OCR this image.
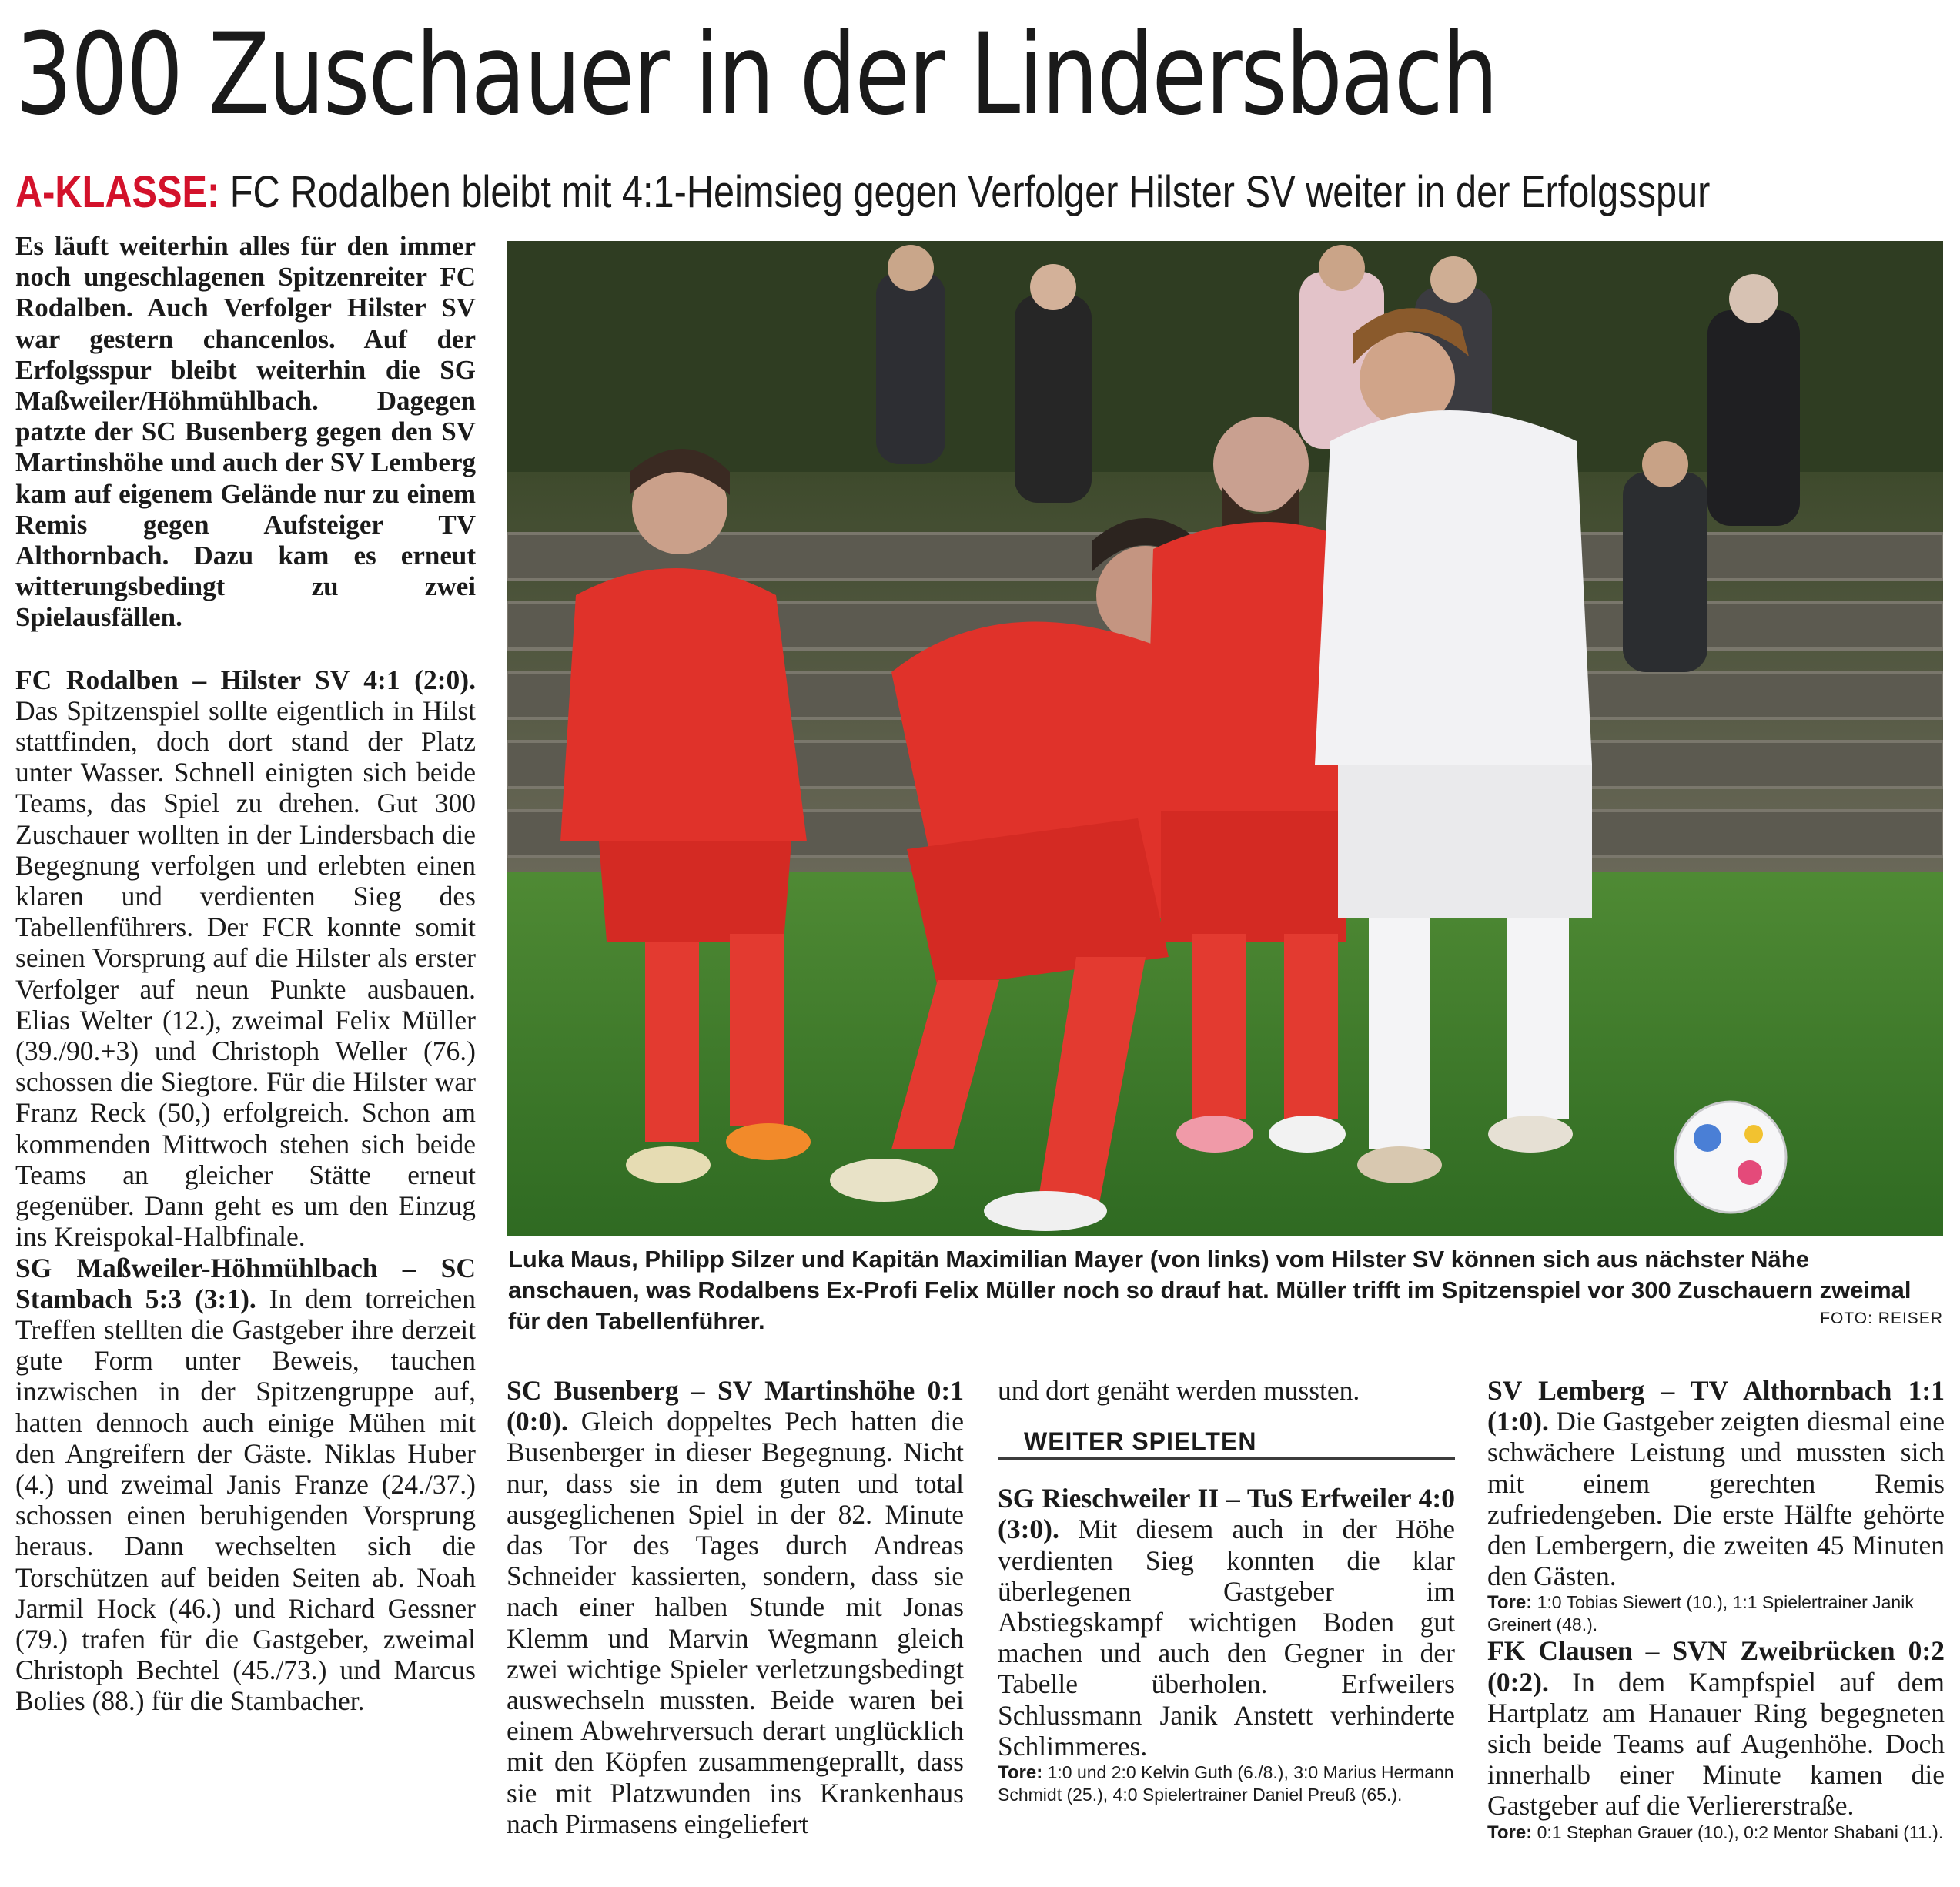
300 Zuschauer in der Lindersbach
A-KLASSE: FC Rodalben bleibt mit 4:1-Heimsieg gegen Verfolger Hilster SV weiter in der Erfolgsspur

Es läuft weiterhin alles für den immer noch ungeschlagenen Spitzenreiter FC Rodalben. Auch Verfolger Hilster SV war gestern chancenlos. Auf der Erfolgsspur bleibt weiterhin die SG Maßweiler/Höhmühlbach. Dagegen patzte der SC Busenberg gegen den SV Martinshöhe und auch der SV Lemberg kam auf eigenem Gelände nur zu einem Remis gegen Aufsteiger TV Althornbach. Dazu kam es erneut witterungsbedingt zu zwei Spielausfällen.

FC Rodalben – Hilster SV 4:1 (2:0). Das Spitzenspiel sollte eigentlich in Hilst stattfinden, doch dort stand der Platz unter Wasser. Schnell einigten sich beide Teams, das Spiel zu drehen. Gut 300 Zuschauer wollten in der Lindersbach die Begegnung verfolgen und erlebten einen klaren und verdienten Sieg des Tabellenführers. Der FCR konnte somit seinen Vorsprung auf die Hilster als erster Verfolger auf neun Punkte ausbauen. Elias Welter (12.), zweimal Felix Müller (39./90.+3) und Christoph Weller (76.) schossen die Siegtore. Für die Hilster war Franz Reck (50,) erfolgreich. Schon am kommenden Mittwoch stehen sich beide Teams an gleicher Stätte erneut gegenüber. Dann geht es um den Einzug ins Kreispokal-Halbfinale.

SG Maßweiler-Höhmühlbach – SC Stambach 5:3 (3:1). In dem torreichen Treffen stellten die Gastgeber ihre derzeit gute Form unter Beweis, tauchen inzwischen in der Spitzengruppe auf, hatten dennoch auch einige Mühen mit den Angreifern der Gäste. Niklas Huber (4.) und zweimal Janis Franze (24./37.) schossen einen beruhigenden Vorsprung heraus. Dann wechselten sich die Torschützen auf beiden Seiten ab. Noah Jarmil Hock (46.) und Richard Gessner (79.) trafen für die Gastgeber, zweimal Christoph Bechtel (45./73.) und Marcus Bolies (88.) für die Stambacher.

Luka Maus, Philipp Silzer und Kapitän Maximilian Mayer (von links) vom Hilster SV können sich aus nächster Nähe anschauen, was Rodalbens Ex-Profi Felix Müller noch so drauf hat. Müller trifft im Spitzenspiel vor 300 Zuschauern zweimal für den Tabellenführer.	FOTO: REISER

SC Busenberg – SV Martinshöhe 0:1 (0:0). Gleich doppeltes Pech hatten die Busenberger in dieser Begegnung. Nicht nur, dass sie in dem guten und total ausgeglichenen Spiel in der 82. Minute das Tor des Tages durch Andreas Schneider kassierten, sondern, dass sie nach einer halben Stunde mit Jonas Klemm und Marvin Wegmann gleich zwei wichtige Spieler verletzungsbedingt auswechseln mussten. Beide waren bei einem Abwehrversuch derart unglücklich mit den Köpfen zusammengeprallt, dass sie mit Platzwunden ins Krankenhaus nach Pirmasens eingeliefert

und dort genäht werden mussten.

WEITER SPIELTEN

SG Rieschweiler II – TuS Erfweiler 4:0 (3:0). Mit diesem auch in der Höhe verdienten Sieg konnten die klar überlegenen Gastgeber im Abstiegskampf wichtigen Boden gut machen und auch den Gegner in der Tabelle überholen. Erfweilers Schlussmann Janik Anstett verhinderte Schlimmeres.

Tore: 1:0 und 2:0 Kelvin Guth (6./8.), 3:0 Marius Hermann Schmidt (25.), 4:0 Spielertrainer Daniel Preuß (65.).

SV Lemberg – TV Althornbach 1:1 (1:0). Die Gastgeber zeigten diesmal eine schwächere Leistung und mussten sich mit einem gerechten Remis zufriedengeben. Die erste Hälfte gehörte den Lembergern, die zweiten 45 Minuten den Gästen.

Tore: 1:0 Tobias Siewert (10.), 1:1 Spielertrainer Janik Greinert (48.).

FK Clausen – SVN Zweibrücken 0:2 (0:2). In dem Kampfspiel auf dem Hartplatz am Hanauer Ring begegneten sich beide Teams auf Augenhöhe. Doch innerhalb einer Minute kamen die Gastgeber auf die Verliererstraße.

Tore: 0:1 Stephan Grauer (10.), 0:2 Mentor Shabani (11.).
